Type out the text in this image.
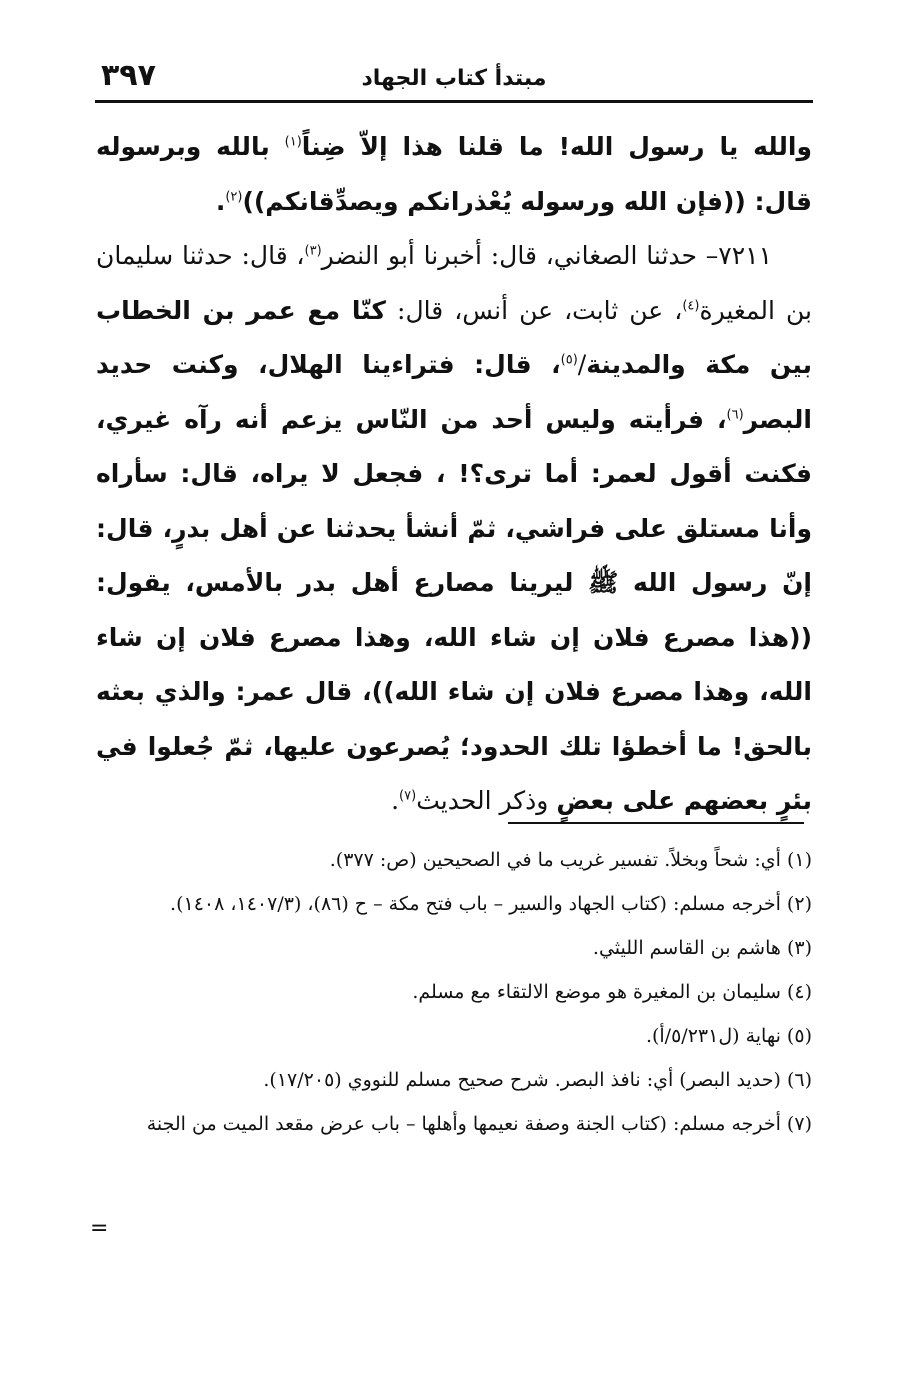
٣٩٧	مبتدأ كتاب الجهاد

والله يا رسول الله! ما قلنا هذا إلاّ ضِناً$^{(١)}$ بالله وبرسوله قال: ((فإن الله ورسوله يُعْذرانكم ويصدِّقانكم))$^{(٢)}$.

٧٢١١– حدثنا الصغاني، قال: أخبرنا أبو النضر$^{(٣)}$، قال: حدثنا سليمان بن المغيرة$^{(٤)}$، عن ثابت، عن أنس، قال: كنّا مع عمر بن الخطاب بين مكة والمدينة/$^{(٥)}$، قال: فتراءينا الهلال، وكنت حديد البصر$^{(٦)}$، فرأيته وليس أحد من النّاس يزعم أنه رآه غيري، فكنت أقول لعمر: أما ترى؟! ، فجعل لا يراه، قال: سأراه وأنا مستلق على فراشي، ثمّ أنشأ يحدثنا عن أهل بدرٍ، قال: إنّ رسول الله ﷺ ليرينا مصارع أهل بدر بالأمس، يقول: ((هذا مصرع فلان إن شاء الله، وهذا مصرع فلان إن شاء الله، وهذا مصرع فلان إن شاء الله))، قال عمر: والذي بعثه بالحق! ما أخطؤا تلك الحدود؛ يُصرعون عليها، ثمّ جُعلوا في بئرٍ بعضهم على بعضٍ وذكر الحديث$^{(٧)}$.

(١) أي: شحاً وبخلاً. تفسير غريب ما في الصحيحين (ص: ٣٧٧).
(٢) أخرجه مسلم: (كتاب الجهاد والسير – باب فتح مكة – ح (٨٦)، (١٤٠٧/٣، ١٤٠٨).
(٣) هاشم بن القاسم الليثي.
(٤) سليمان بن المغيرة هو موضع الالتقاء مع مسلم.
(٥) نهاية (ل٥/٢٣١/أ).
(٦) (حديد البصر) أي: نافذ البصر. شرح صحيح مسلم للنووي (١٧/٢٠٥).
(٧) أخرجه مسلم: (كتاب الجنة وصفة نعيمها وأهلها – باب عرض مقعد الميت من الجنة
=
